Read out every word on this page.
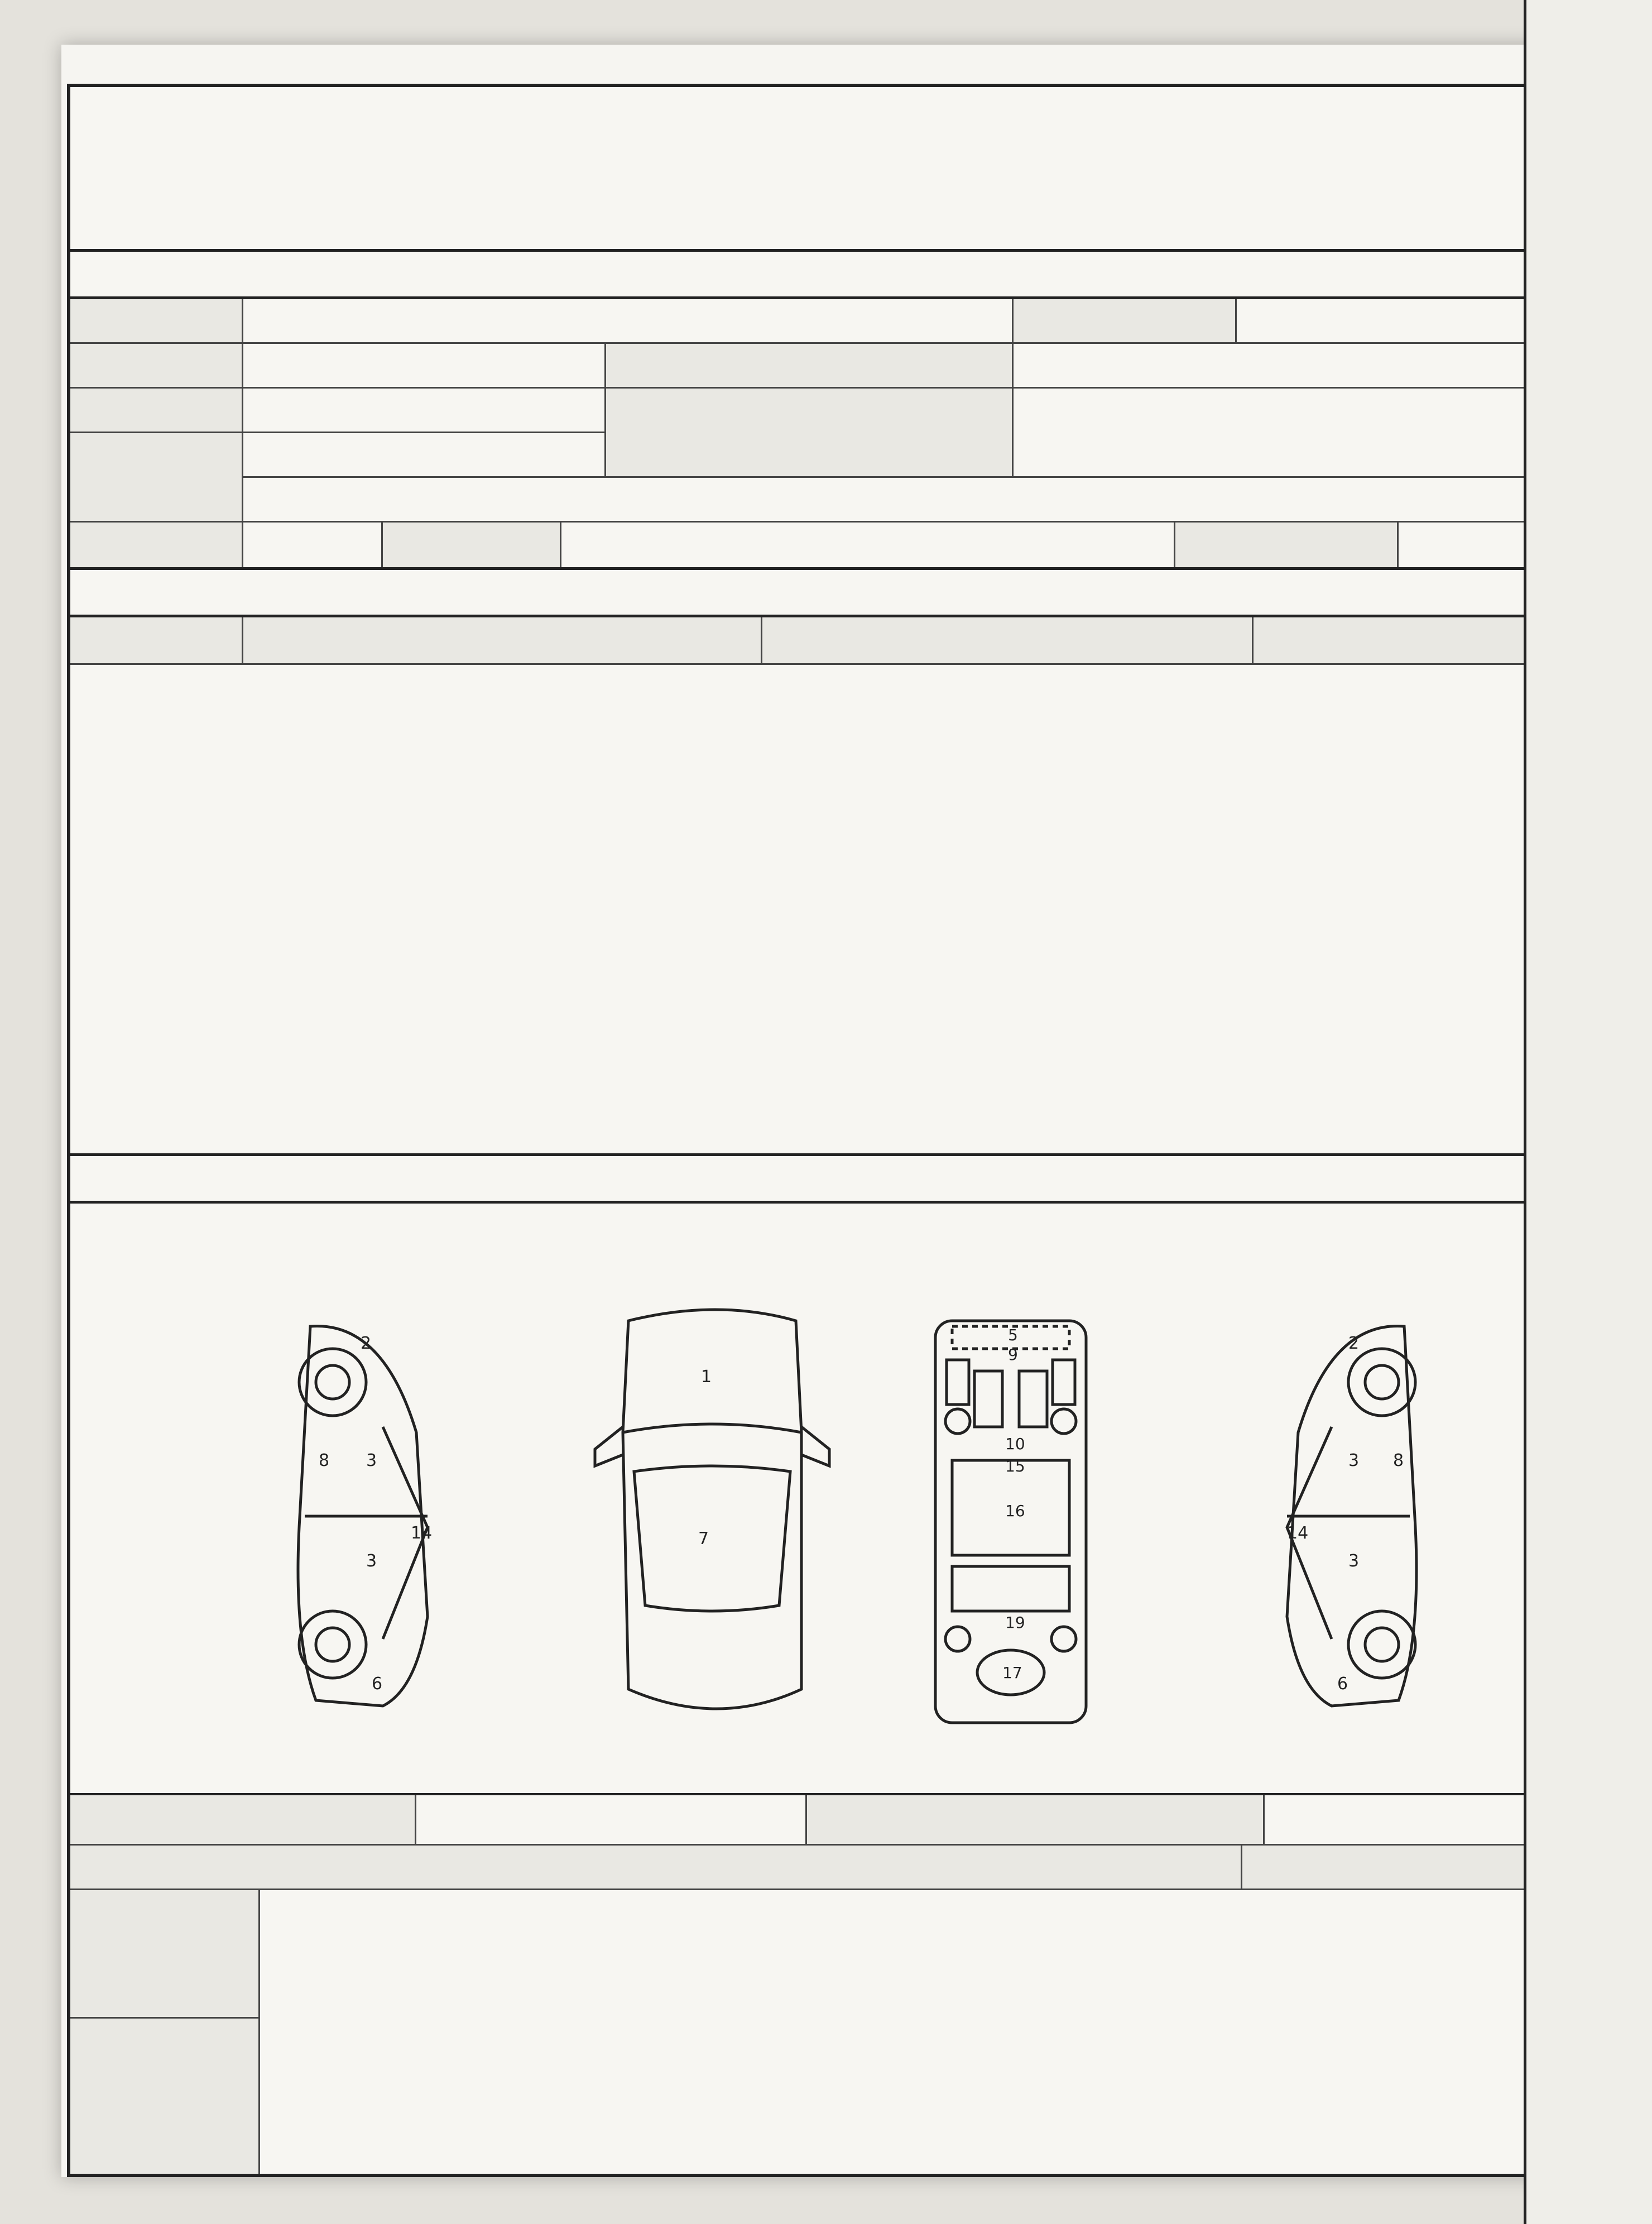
2
3
3
8
14
6
1
7
5
9
10
15
16
19
17
2
3
3
8
14
6
